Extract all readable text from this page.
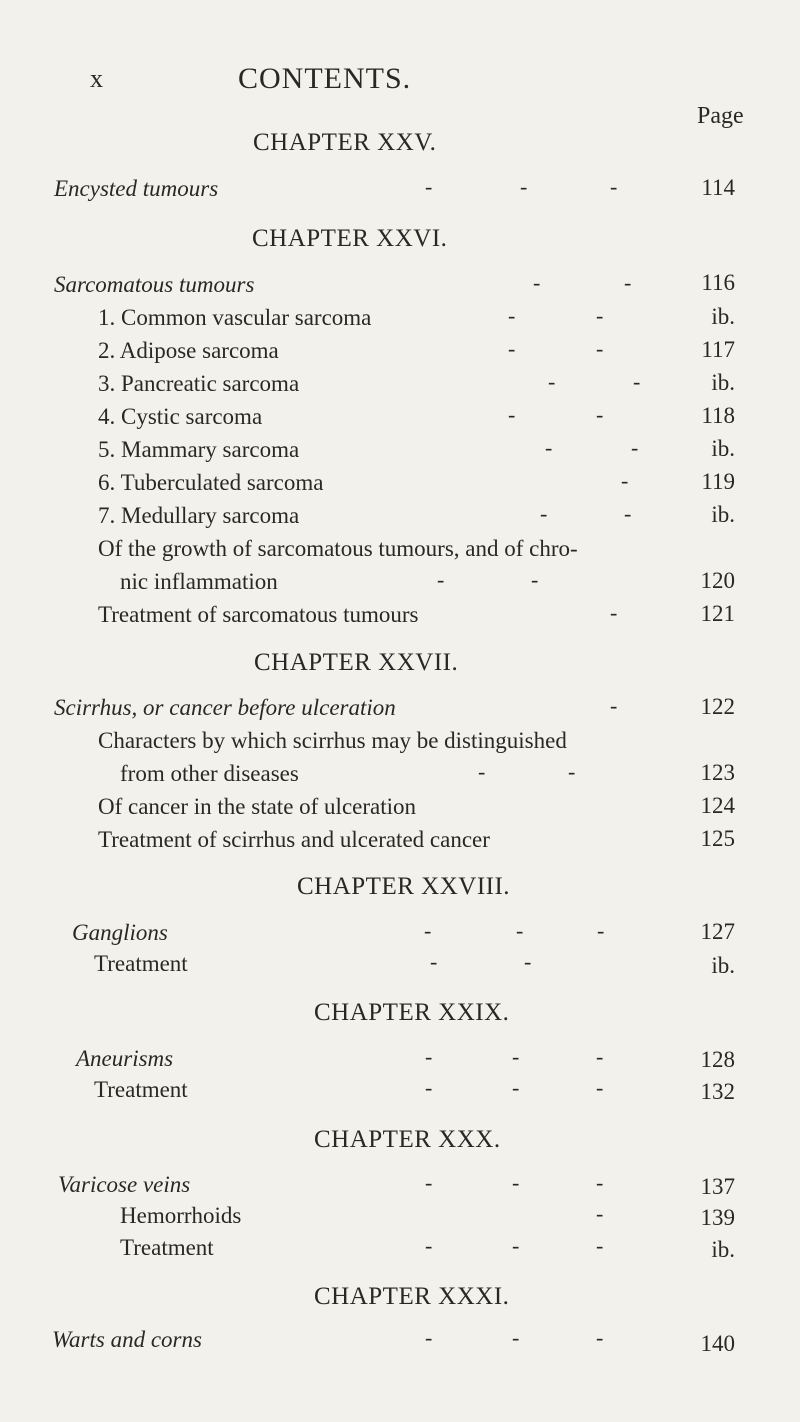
x	CONTENTS.
Page
CHAPTER XXV.
Encysted tumours	-	-	-	114
CHAPTER XXVI.
Sarcomatous tumours	-	-	116
1. Common vascular sarcoma	-	-	ib.
2. Adipose sarcoma	-	-	117
3. Pancreatic sarcoma	-	-	ib.
4. Cystic sarcoma	-	-	118
5. Mammary sarcoma	-	-	ib.
6. Tuberculated sarcoma	-	119
7. Medullary sarcoma	-	-	ib.
Of the growth of sarcomatous tumours, and of chro-
nic inflammation	-	-	120
Treatment of sarcomatous tumours	-	121
CHAPTER XXVII.
Scirrhus, or cancer before ulceration	-	122
Characters by which scirrhus may be distinguished
from other diseases	-	-	123
Of cancer in the state of ulceration	124
Treatment of scirrhus and ulcerated cancer	125
CHAPTER XXVIII.
Ganglions	-	-	-	127
Treatment	-	-	ib.
CHAPTER XXIX.
Aneurisms	-	-	-	128
Treatment	-	-	-	132
CHAPTER XXX.
Varicose veins	-	-	-	137
Hemorrhoids	-	139
Treatment	-	-	-	ib.
CHAPTER XXXI.
Warts and corns	-	-	-	140
